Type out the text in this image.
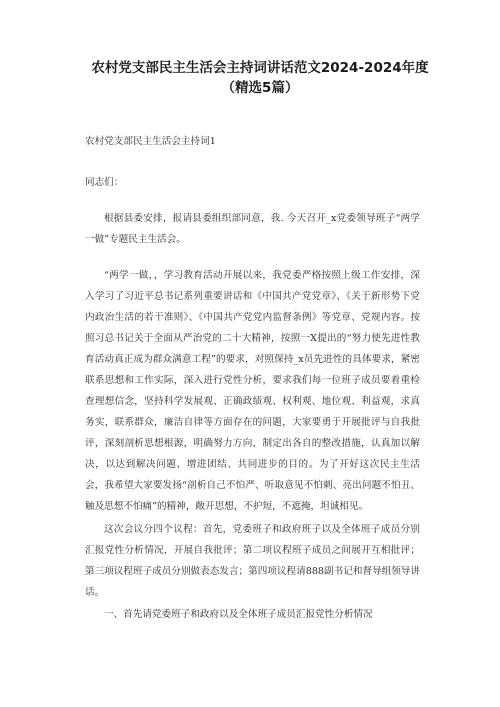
农村党支部民主生活会主持词讲话范文2024-2024年度
（精选5篇）

农村党支部民主生活会主持词1

同志们：

根据县委安排，报请县委组织部同意，我. 今天召开_x党委领导班子“两学一做”专题民主生活会。

“两学一做，，学习教育活动开展以来，我党委严格按照上级工作安排，深入学习了习近平总书记系列重要讲话和《中国共产党党章》、《关于新形势下党内政治生活的若干准则》、《中国共产党党内监督条例》等党章、党规内容。按照习总书记关于全面从严治党的二十大精神，按照一X提出的“努力使先进性教育活动真正成为群众满意工程”的要求，对照保持_x员先进性的具体要求，紧密联系思想和工作实际，深入进行党性分析，要求我们每一位班子成员要着重检查理想信念，坚持科学发展观、正确政绩观、权利观、地位观、利益观，求真务实，联系群众，廉洁自律等方面存在的问题，大家要勇于开展批评与自我批评，深刻剖析思想根源，明确努力方向，制定出各自的整改措施，认真加以解决，以达到解决问题、增进团结、共同进步的目的。为了开好这次民主生活会，我希望大家要发扬“剖析自己不怕严、听取意见不怕刺、亮出问题不怕丑、触及思想不怕痛”的精神，敞开思想，不护短，不遮掩，坦诚相见。

这次会议分四个议程：首先，党委班子和政府班子以及全体班子成员分别汇报党性分析情况，开展自我批评；第二项议程班子成员之间展开互相批评；第三项议程班子成员分别做表态发言；第四项议程请888副书记和督导组领导讲话。

一、首先请党委班子和政府以及全体班子成员汇报党性分析情况
